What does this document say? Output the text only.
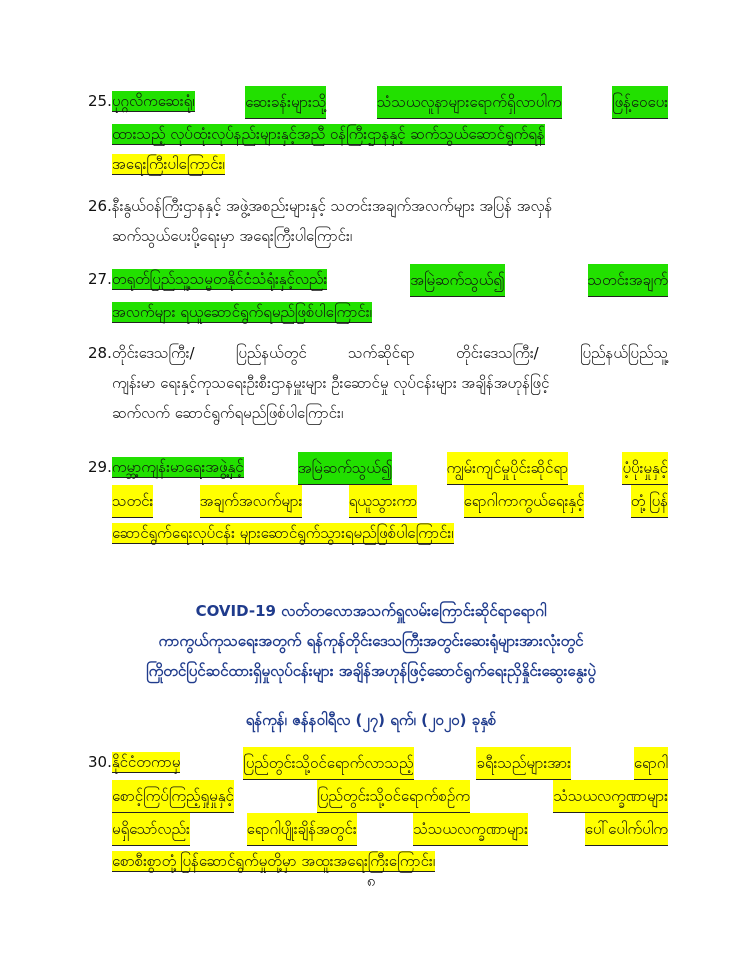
25.ပုဂ္ဂလိကဆေးရုံ၊	ဆေးခန်းများသို့	သံသယလူနာများရောက်ရှိလာပါက	ဖြန့်ဝေပေး
ထားသည့် လုပ်ထုံးလုပ်နည်းများနှင့်အညီ ဝန်ကြီးဌာနနှင့် ဆက်သွယ်ဆောင်ရွက်ရန်
အရေးကြီးပါကြောင်း၊
26.နီးနွယ်ဝန်ကြီးဌာနနှင့် အဖွဲ့အစည်းများနှင့် သတင်းအချက်အလက်များ အပြန် အလှန်
ဆက်သွယ်ပေးပို့ရေးမှာ အရေးကြီးပါကြောင်း၊
27.တရုတ်ပြည်သူ့သမ္မတနိုင်ငံသံရုံးနှင့်လည်း	အမြဲဆက်သွယ်၍	သတင်းအချက်
အလက်များ ရယူဆောင်ရွက်ရမည်ဖြစ်ပါကြောင်း၊
28.တိုင်းဒေသကြီး/	ပြည်နယ်တွင်	သက်ဆိုင်ရာ	တိုင်းဒေသကြီး/	ပြည်နယ်ပြည်သူ့
ကျန်းမာ ရေးနှင့်ကုသရေးဦးစီးဌာနမှူးများ ဦးဆောင်မှု လုပ်ငန်းများ အချိန်အဟုန်ဖြင့်
ဆက်လက် ဆောင်ရွက်ရမည်ဖြစ်ပါကြောင်း၊
29.ကမ္ဘာ့ကျန်းမာရေးအဖွဲ့နှင့်	အမြဲဆက်သွယ်၍	ကျွမ်းကျင်မှုပိုင်းဆိုင်ရာ	ပံ့ပိုးမှုနှင့်
သတင်း	အချက်အလက်များ	ရယူသွားကာ	ရောဂါကာကွယ်ရေးနှင့်	တုံ့ပြန်
ဆောင်ရွက်ရေးလုပ်ငန်း များဆောင်ရွက်သွားရမည်ဖြစ်ပါကြောင်း၊
COVID-19 လတ်တလောအသက်ရှူလမ်းကြောင်းဆိုင်ရာရောဂါ
ကာကွယ်ကုသရေးအတွက် ရန်ကုန်တိုင်းဒေသကြီးအတွင်းဆေးရုံများအားလုံးတွင်
ကြိုတင်ပြင်ဆင်ထားရှိမှုလုပ်ငန်းများ အချိန်အဟုန်ဖြင့်ဆောင်ရွက်ရေးညှိနှိုင်းဆွေးနွေးပွဲ
ရန်ကုန်၊ ဇန်နဝါရီလ (၂၇) ရက်၊ (၂၀၂၀) ခုနှစ်
30.နိုင်ငံတကာမှ	ပြည်တွင်းသို့ဝင်ရောက်လာသည့်	ခရီးသည်များအား	ရောဂါ
စောင့်ကြပ်ကြည့်ရှုမှုနှင့်	ပြည်တွင်းသို့ဝင်ရောက်စဉ်က	သံသယလက္ခဏာများ
မရှိသော်လည်း	ရောဂါပျိုးချိန်အတွင်း	သံသယလက္ခဏာများ	ပေါ်ပေါက်ပါက
စောစီးစွာတုံ့ပြန်ဆောင်ရွက်မှုတို့မှာ အထူးအရေးကြီးကြောင်း၊
၈
